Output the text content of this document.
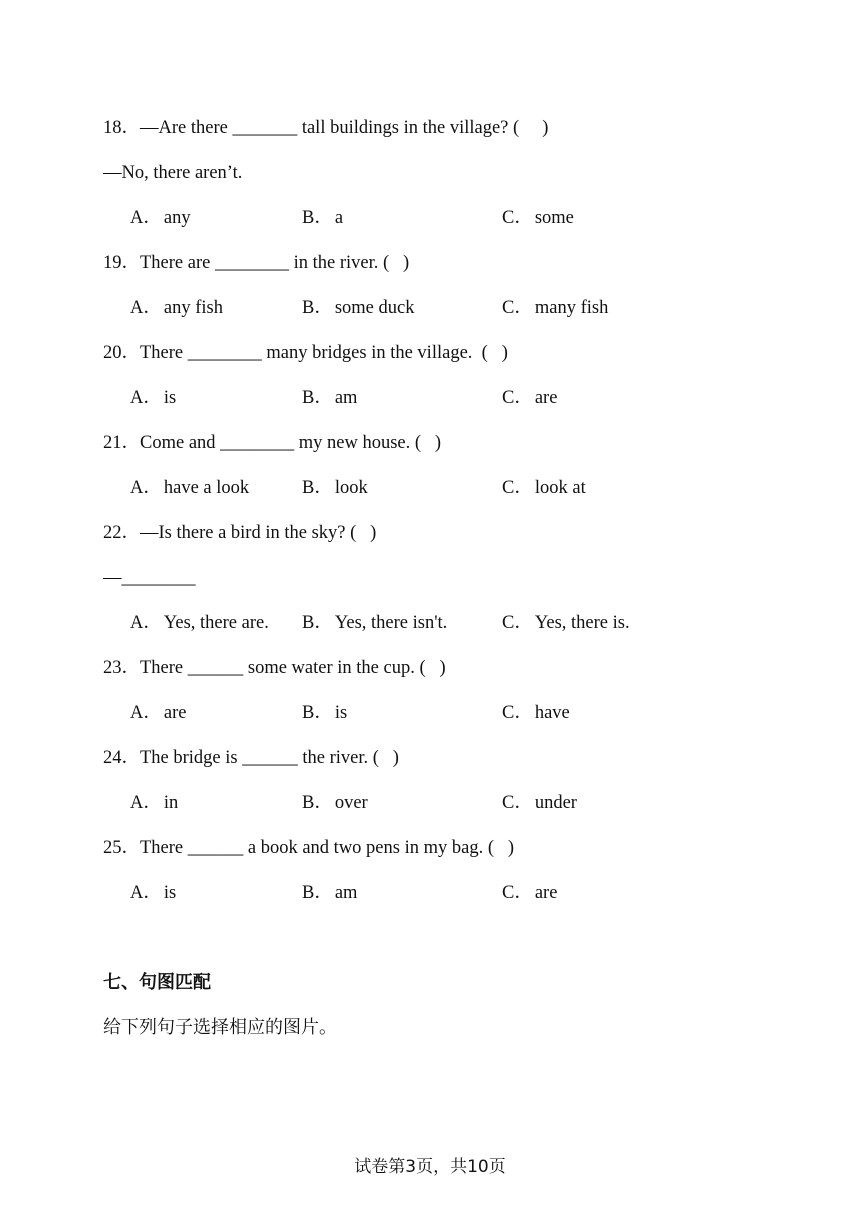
18．—Are there _______ tall buildings in the village? (     )
—No, there aren’t.
A． any	B． a	C． some
19．There are ________ in the river. (   )
A． any fish	B． some duck	C． many fish
20．There ________ many bridges in the village.  (   )
A． is	B． am	C． are
21．Come and ________ my new house. (   )
A． have a look	B． look	C． look at
22．—Is there a bird in the sky? (   )
—________
A． Yes, there are. B． Yes, there isn't.	C． Yes, there is.
23．There ______ some water in the cup. (   )
A． are	B． is	C． have
24．The bridge is ______ the river. (   )
A． in	B． over	C． under
25．There ______ a book and two pens in my bag. (   )
A． is	B． am	C． are
七、句图匹配
给下列句子选择相应的图片。
试卷第3页，共10页
